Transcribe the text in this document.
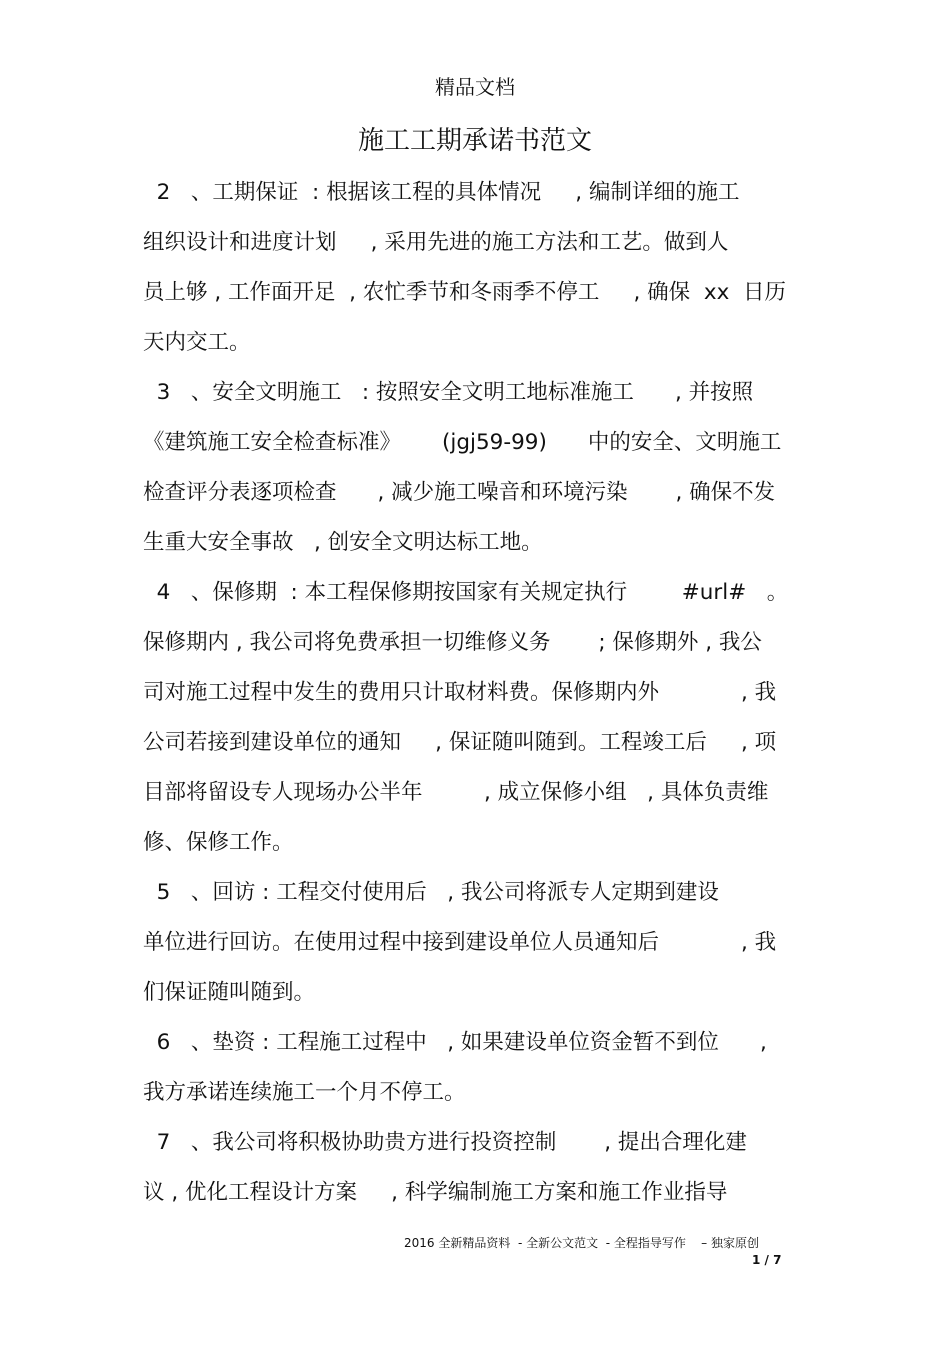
精品文档
施工工期承诺书范文
2   、工期保证  : 根据该工程的具体情况     , 编制详细的施工
组织设计和进度计划     , 采用先进的施工方法和工艺。做到人
员上够 , 工作面开足  , 农忙季节和冬雨季不停工     , 确保  xx  日历
天内交工。
3   、安全文明施工   : 按照安全文明工地标准施工      , 并按照
《建筑施工安全检查标准》      (jgj59-99)      中的安全、文明施工
检查评分表逐项检查      , 减少施工噪音和环境污染       , 确保不发
生重大安全事故   , 创安全文明达标工地。
4   、保修期  : 本工程保修期按国家有关规定执行        #url#   。
保修期内 , 我公司将免费承担一切维修义务       ; 保修期外 , 我公
司对施工过程中发生的费用只计取材料费。保修期内外            , 我
公司若接到建设单位的通知     , 保证随叫随到。工程竣工后     , 项
目部将留设专人现场办公半年         , 成立保修小组   , 具体负责维
修、保修工作。
5   、回访 : 工程交付使用后   , 我公司将派专人定期到建设
单位进行回访。在使用过程中接到建设单位人员通知后            , 我
们保证随叫随到。
6   、垫资 : 工程施工过程中   , 如果建设单位资金暂不到位      ,
我方承诺连续施工一个月不停工。
7   、我公司将积极协助贵方进行投资控制       , 提出合理化建
议 , 优化工程设计方案     , 科学编制施工方案和施工作业指导
2016 全新精品资料  - 全新公文范文  - 全程指导写作    – 独家原创
1 / 7
